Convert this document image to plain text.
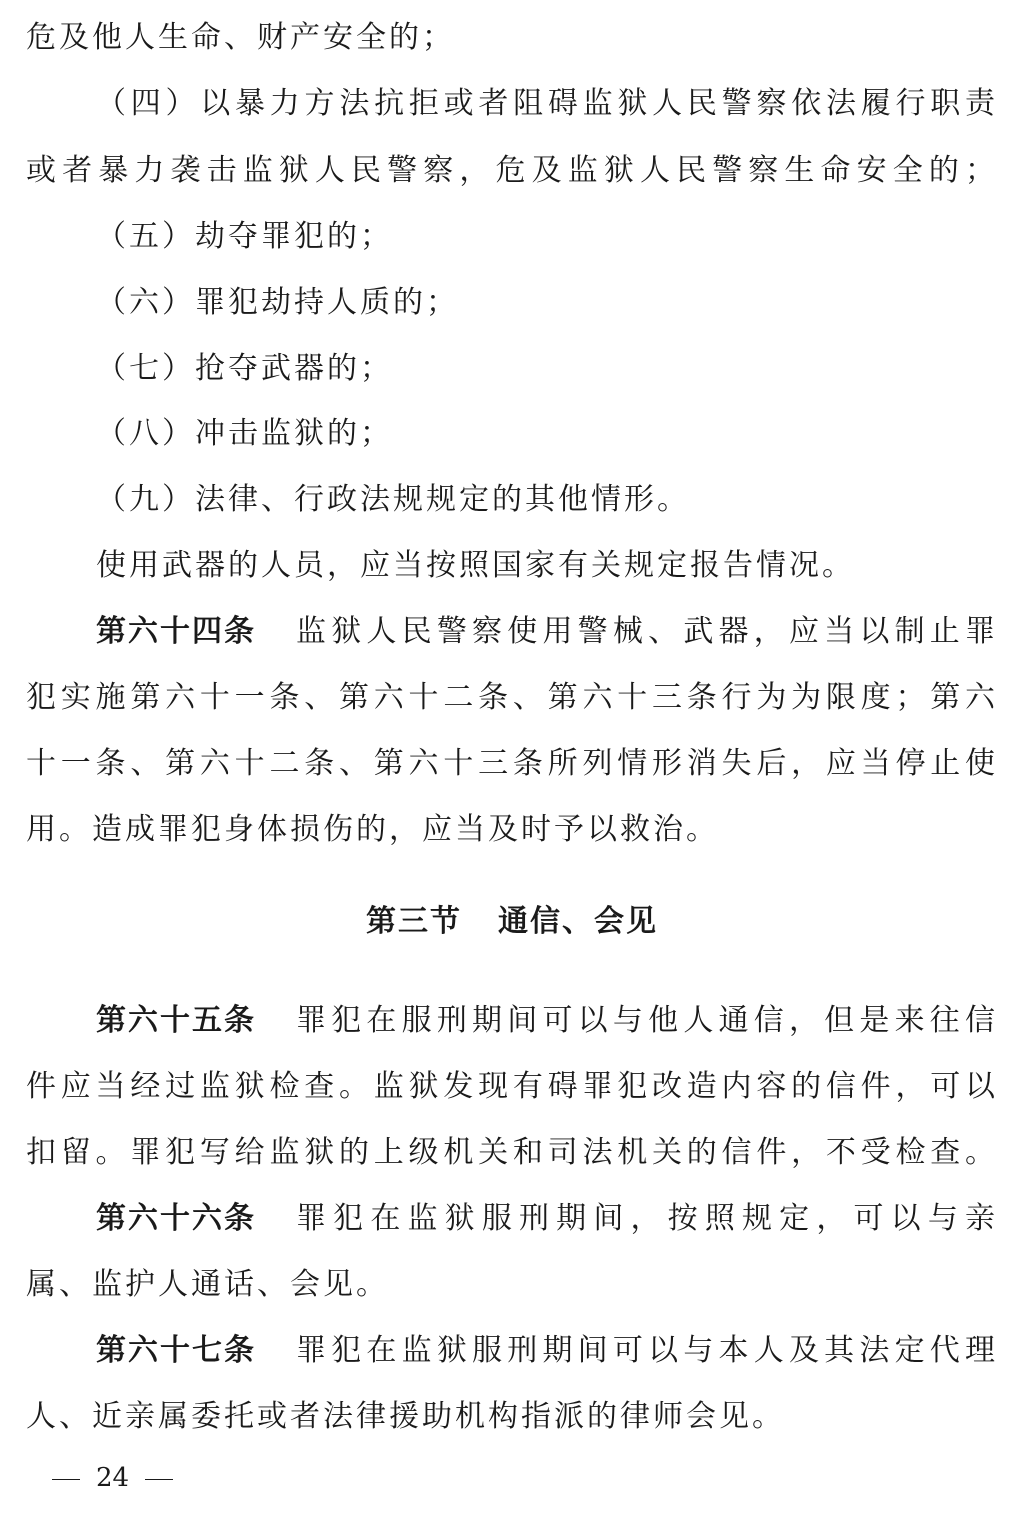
危及他人生命、财产安全的；
（四）以暴力方法抗拒或者阻碍监狱人民警察依法履行职责
或者暴力袭击监狱人民警察，危及监狱人民警察生命安全的；
（五）劫夺罪犯的；
（六）罪犯劫持人质的；
（七）抢夺武器的；
（八）冲击监狱的；
（九）法律、行政法规规定的其他情形。
使用武器的人员，应当按照国家有关规定报告情况。
第六十四条 监狱人民警察使用警械、武器，应当以制止罪
犯实施第六十一条、第六十二条、第六十三条行为为限度；第六
十一条、第六十二条、第六十三条所列情形消失后，应当停止使
用。造成罪犯身体损伤的，应当及时予以救治。
第三节 通信、会见
第六十五条 罪犯在服刑期间可以与他人通信，但是来往信
件应当经过监狱检查。监狱发现有碍罪犯改造内容的信件，可以
扣留。罪犯写给监狱的上级机关和司法机关的信件，不受检查。
第六十六条 罪犯在监狱服刑期间，按照规定，可以与亲
属、监护人通话、会见。
第六十七条 罪犯在监狱服刑期间可以与本人及其法定代理
人、近亲属委托或者法律援助机构指派的律师会见。
24
